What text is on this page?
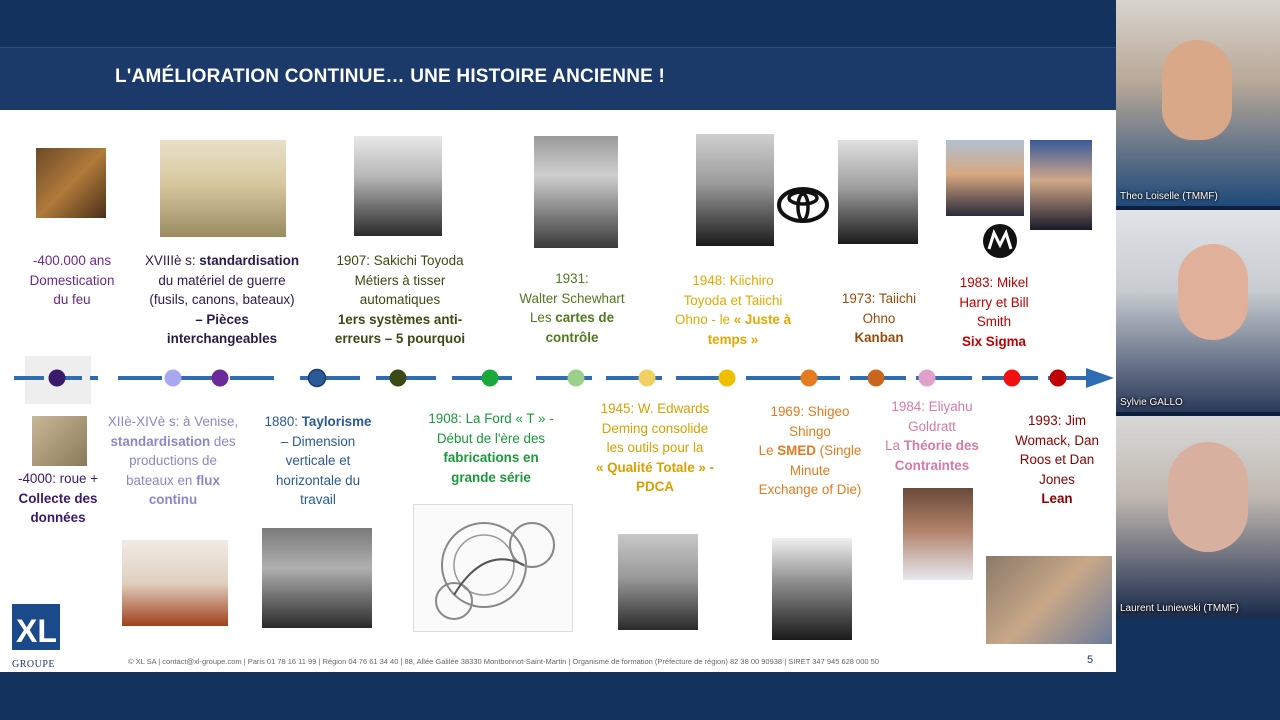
L'AMÉLIORATION CONTINUE… UNE HISTOIRE ANCIENNE !
-400.000 ans
Domestication
du feu
XVIIIè s: standardisation
du matériel de guerre
(fusils, canons, bateaux)
– Pièces
interchangeables
1907: Sakichi Toyoda
Métiers à tisser
automatiques
1ers systèmes anti-
erreurs – 5 pourquoi
1931:
Walter Schewhart
Les cartes de
contrôle
1948: Kiichiro
Toyoda et Taiichi
Ohno - le « Juste à
temps »
1973: Taiichi
Ohno
Kanban
1983: Mikel
Harry et Bill
Smith
Six Sigma
-4000: roue +
Collecte des
données
XIIè-XIVè s: à Venise,
standardisation des
productions de
bateaux en flux
continu
1880: Taylorisme
– Dimension
verticale et
horizontale du
travail
1908: La Ford « T » -
Début de l'ère des
fabrications en
grande série
1945: W. Edwards
Deming consolide
les outils pour la
« Qualité Totale » -
PDCA
1969: Shigeo
Shingo
Le SMED (Single
Minute
Exchange of Die)
1984: Eliyahu
Goldratt
La Théorie des
Contraintes
1993: Jim
Womack, Dan
Roos et Dan
Jones
Lean
XL
GROUPE	© XL SA | contact@xl-groupe.com | Paris 01 78 16 11 99 | Région 04 76 61 34 40 | 88, Allée Galilée 38330 Montbonnot-Saint-Martin | Organisme de formation (Préfecture de région) 82 38 00 90938 | SIRET 347 945 628 000 50	5
Theo Loiselle (TMMF)
Sylvie GALLO
Laurent Luniewski (TMMF)
